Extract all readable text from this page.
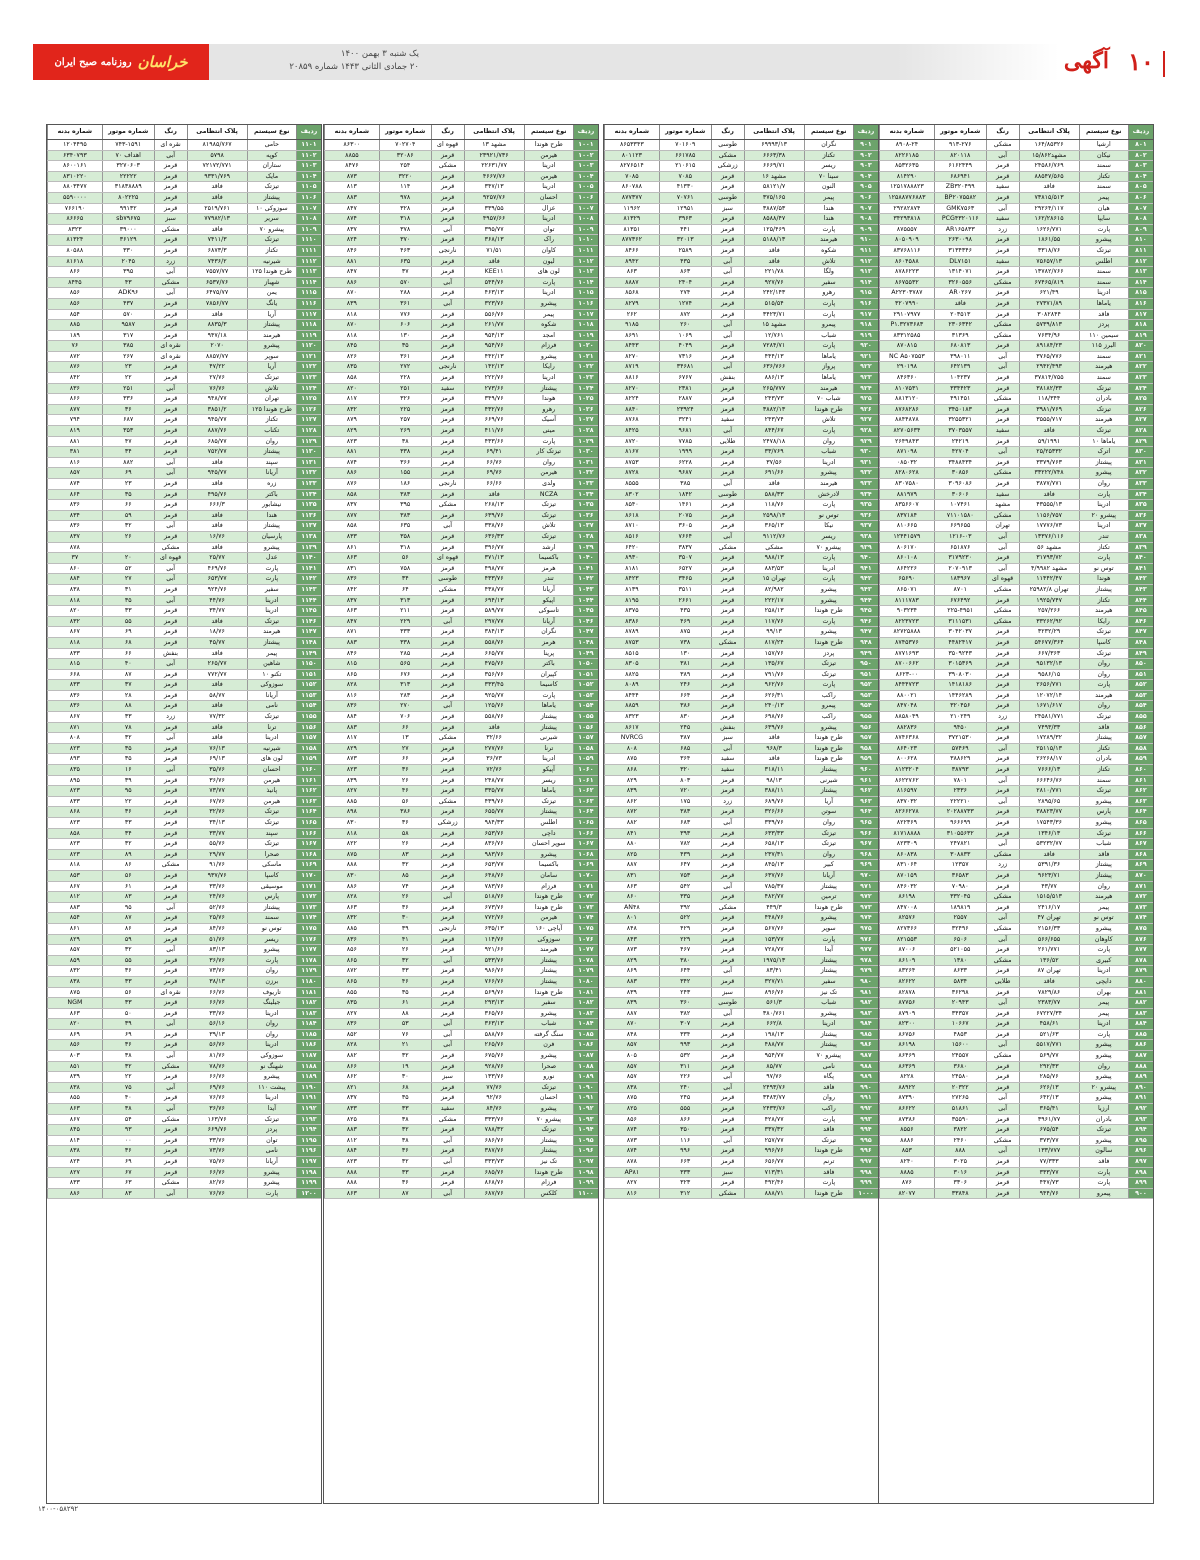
روزنامه صبح ایران خراسان	یک شنبه ۳ بهمن ۱۴۰۰
۲۰ جمادی الثانی ۱۴۴۳ شماره ۲۰۸۵۹	آگهی ۱۰
ردیف	نوع سیستم	پلاک انتظامی	رنگ	شماره موتور	شماره بدنه
۸۰۱	ارشیا	۱۶۴/۸۵۳۲۶	مشکی	۹۱۳-۲۷۶	۸۹۰۸-۲۴
۸۰۲	نیکان	مشهد۱۵/۸۶۲	آبی	۸۲۰۱۱۸	۸۲۲۶۱۸۵
۸۰۳	سمند	۲۴۵۸۶/۷۶۹	قرمز	۶۱۶۲۴۴۹	۸۵۳۲۶۳۵
۸۰۴	تکتاز	۸۸۵۴۷/۵۶۵	قرمز	۶۸۶۹۴۱	۸۱۴۲۹۰
۸۰۵	سمند	فاقد	سفید	ZB۳۲۰۴۹۹	۱۲۵۱۷۸۸۸۲۳
۸۰۶	پیمر	۷۳۸۱۵/۵۱۳	قرمز	BP۲۰۷۵۵۸۲	۱۲۵۸۸۷۷۶۸۸۳
۸۰۷	هیان	۲۹۲۶۴/۱۱۷	آبی	GMK۷۵۶۳	۲۹۲۸۲۸۷۴
۸۰۸	سایپا	۱۶۲/۲۸۶۱۵	سفید	PCG۴۳۲۰۱۱۶	۳۴۲۹۳۸۱۸
۸۰۹	پارت	۱۶۲۶/۷۷۱	زرد	AR۱۶۵۸۳۳	۸۷۵۵۵۷
۸۱۰	پیشرو	۱۸۶۱/۵۵	قرمز	۲۶۳۰۰۹۸	۸۰۵۰۹۰۹
۸۱۱	تیزتک	۳۳۱۸/۷۶	قرمز	۳۱۳۴۳۴۶	۸۳۷۶۸۱۱۶
۸۱۲	اطلس	۷۵۶۵۷/۱۳	سفید	DL۷۱۵۱	۸۶۰۴۵۸۸
۸۱۳	سمند	۱۳۷۸۲/۷۶۶	قرمز	۱۳۱۴۰۷۱	۸۷۸۶۲۲۳
۸۱۴	سمند	۶۷۴۶۵/۸۱۹	مشکی	۳۲۶۰۵۵۶	۸۶۷۵۵۳۲
۸۱۵	ادرینا	۶۲۱/۴۹	قرمز	AR۰۲۶۷	A۲۲۳۰۳۷۸۷
۸۱۶	یاماها	۲۷۳۷۱/۸۹	قرمز	فاقد	۳۲۰۷۹۹۰
۸۱۷	فاقد	۳۰۸۲۸۴۴	قرمز	۲۰۳۵۱۳	۲۹۱۰۷۹۷۷
۸۱۸	پردز	۵۷۳۹/۸۱۳	مشکی	۲۳۰۶۳۴۲	P۱.۳۲۷۳۶۸۳
۸۱۹	سیمین ۱۱۰	۷۶۳۴/۹۶	مشکی	۳۱۳۶۹	۸۳۳۱۲۵۸۵
۸۲۰	البرز ۱۱۵	۸۹۱۸۴/۲۳	قرمز	۶۸۰۸۱۳	۸۷۰۸۱۵
۸۲۱	سمند	۳۷۶۵/۷۷۶	آبی	۳۹۸۰۱۱	NC A۵۰۷۵۵۳
۸۲۲	هیرمند	۲۹۴۲/۴۹۳	آبی	۶۴۲۱۳۹	۲۹۰۱۹۸
۸۲۳	سمند	۳۷۸۱۴/۷۵۵	قرمز	۱۰۴۲۳۷	۸۴۶۳۶۰
۸۲۴	تیزتک	۳۸۱۸۲/۳۳	قرمز	۳۳۴۴۲۳	۸۱۰۷۵۳۱
۸۲۵	بادران	۱۱۸/۳۴۴	مشکی	۴۹۱۴۵۱	۸۸۱۳۱۲۰
۸۲۶	تیزتک	۳۹۸۱/۷۶۹	قرمز	۳۴۵۰۱۸۳	۸۷۶۸۲۸۶
۸۲۷	هیرمند	۳۵۵۵/۷۱۷	قرمز	۳۲۵۵۳۲۱	۸۸۴۴۸۷۸
۸۲۸	تیزتک	فاقد	سفید	۳۷۰۳۵۵۷	۸۲۷۰۵۶۳۴
۸۲۹	یاماها ۱۰	۵۹/۱۹۹۱	قرمز	۲۴۲۱۹	۲۶۴۹۸۴۳
۸۳۰	اترک	۲۵/۲۵۳۳۲	آبی	۴۲۷۰۴	۸۷۱۰۹۸
۸۳۱	پیشتاز	۳۳۷۹/۷۶۳	قرمز	۳۴۸۸۴۳۴	۰۸۵۰۳۲
۸۳۲	پیشرو	۳۳۲۲۲/۷۴۸	مشکی	۳۰۸۵۶	۸۲۸۰۶۲۸
۸۳۳	روان	۳۸۷۷/۷۷۱	قرمز	۳۰۹۶۰۸۶	۸۳۰۷۵۸۰
۸۳۴	پارت	فاقد	سفید	۳۰۶۰۶	۸۸۱۹۷۹
۸۳۵	ادرینا	۴۳۵۵۵/۱۳	مشهد	۱۰۷۴۶۱	۸۳۵۶۶۰۷
۸۳۶	پیشرو ۲۰	۱۱۵۶/۷۵۷	مشکی	۷۱۱۰۱۵۸۰	۸۳۷۱۸۴
۸۳۷	ادرینا	۱۷۷۷۶/۷۳	تهران	۶۶۹۶۵۵	۸۱۰۶۶۵
۸۳۸	تندر	۱۳۳۷۶/۱۱۶	آبی	۱۲۱۶-۰۳	۱۲۴۴۱۵۷۹
۸۳۹	تکتاز	مشهد ۵۶	آبی	۶۵۱۸۷۶	۸۰۶۱۷۰
۸۴۰	پارت	۳۱۷۹۳/۷۲	قرمز	۳۱۷۹۲۳۰	۸۶۰۱۰۸
۸۴۱	توس نو	مشهد ۴/۹۹۸۲	آبی	۲۰۷۰۹۱۳	۸۶۴۲۲۶
۸۴۲	هوندا	۱۱۴۴۲/۴۷	قهوه ای	۱۸۳۹۶۷	۶۵۶۹۰
۸۴۳	پیشتاز	تهران ۲۵۹۸۲/۸	مشکی	۸۷۰۱	۸۶۵۰۷۱
۸۴۴	تکتاز	۱۹۲۵/۷۴۷	قرمز	۶۷۶۴۹۲	۸۱۱۱۷۸۳
۸۴۵	هیرمند	۲۵۷/۲۶۶	مشکی	۲۲۵-۴۹۵۱	۹۰۳۲۳۴
۸۴۶	رایکا	۳۳۲۶۲/۹۲	مشکی	۳۱۱۱۵۳۱	۸۲۲۳۷۲۳
۸۴۷	تیزتک	۳۲۳۲/۲۹	قرمز	۳۰۴۲۰۳۷	۸۲۷۲۵۸۸۸
۸۴۸	کاسپا	۵۴۶۷۷/۳۶۴	قرمز	۴۴۸۲۴۱۷	۸۷۴۵۳۷۶
۸۴۹	تیزتک	۶۶۷/۳۶۳	قرمز	۳۵۰۹۲۴۳	۸۷۷۱۶۹۳
۸۵۰	روان	۹۵۱۳۲/۱۳	قرمز	۳۰۱۵۳۶۹	۸۷۰۰۶۶۲
۸۵۱	روان	۹۵۸۶/۱۵	قرمز	۳۹۰۸۰۳۰	۸۶۲۳-۰۰
۸۵۲	پارت	۲۶۵۶/۷۷۱	قرمز	۱۴۱۸۱۸۶	۸۴۴۴۷۲۳
۸۵۳	هیرمند	۱۲۰۷۲/۱۴	قرمز	۱۴۴۶۲۸۹	۸۸۰۰۲۱
۸۵۴	روان	۱۶۷۱/۶۱۷	قرمز	۳۲۰۴۵۶	۸۴۷۰۴۸
۸۵۵	تیزتک	۲۴۵۸۱/۷۷۱	زرد	۲۱۰۲۴۹	۸۸۵۸۰۴۹
۸۵۶	فاقد	۷۴۹۳/۳۳	قرمز	۹۴۵۰	۸۸۲۸۳۶
۸۵۷	پیشتاز	۱۷۲۸۹/۳۲	قرمز	۳۷۲۱۵۳۰	۸۷۴۶۳۶۸
۸۵۸	تکتاز	۲۵۱۱۵/۱۳	آبی	۵۷۴۶۹	۸۶۴۰۲۳
۸۵۹	بادران	۲۶۲۶۸/۱۷	قرمز	۳۸۸۶۲۹	۸۰۰۶۲۸
۸۶۰	تکتاز	۷۶۶۶/۱۳	قرمز	۳۸۷۹۳	۸۱۲۳۲۰۴
۸۶۱	سمند	۶۶۶۴۶/۷۶	آبی	۷۸۰۱	۸۶۲۲۷۶۲
۸۶۲	تیزتک	۲۸۱۰/۷۷۱	قرمز	۲۳۳۶	۸۱۶۵۹۷
۸۶۳	پیشرو	۲۸۹۵/۶۵	آبی	۲۲۲۲۱۰	۸۳۷۰۳۲
۸۶۴	پارس	۳۸۸۲۳/۷۷	قرمز	۲۰۲۸۸۷۳۳	۸۲۶۶۲۷۸
۸۶۵	پیشرو	۱۷۵۴۳/۳۶	قرمز	۹۶۶۶۹۹	۸۲۲۳۶۹
۸۶۶	تیزتک	۱۳۴۶/۱۳	قرمز	۳۱۰۵۵۶۳۲	۸۱۷۱۸۸۸۸
۸۶۷	شباب	۵۳۲۳۲/۷۷	آبی	۲۴۷۸۲۱	۸۲۳۳۰۹
۸۶۸	فاقد	فاقد	مشکی	۳۰۸۸۳۳	۸۶۰۸۳۸
۸۶۹	پیشتاز	۵۳۹۱/۳۶	زرد	۱۲۳۵۷	۸۳۱۰۶۴
۸۷۰	پیشتاز	۹۶۲۳/۷۱	قرمز	۳۶۵۸۳	۸۷۰۱۵۹
۸۷۱	روان	۴۳/۷۷	قرمز	۷۰۹۸۰	۸۴۶۰۳۲
۸۷۲	هیرمند	۱۵۱۵/۵۱۳	مشکی	۳۳۲۰۴۵	۸۶۱۹۸
۸۷۳	پیمر	۲۴۱۶/۱۷	قرمز	۱۸۹۸۱۹	۸۴۷۰۰۸
۸۷۴	توس نو	تهران ۴۷	آبی	۲۵۵۷	۸۲۵۷۶
۸۷۵	پیشرو	۲۱۵۶/۳۳	مشکی	۳۲۴۹۶	۸۲۷۳۶۶
۸۷۶	کاوهان	۵۶۶/۶۵۵	آبی	۶۵۰۶	۸۲۱۵۵۳
۸۷۷	پارت	۲۶۱/۷۷۱	قرمز	۵۲۱۰۵۵	۸۷۰۰۶
۸۷۸	کبیری	۱۳۶/۵۲	مشکی	۱۳۸۰	۸۶۱۰۹
۸۷۹	ادرینا	تهران ۸۷	قرمز	۸۶۳۳	۸۳۲۶۴
۸۸۰	دایچی	فاقد	طلایی	۵۸۳۴	۸۲۶۲۲
۸۸۱	بهران	۷۸۲۹/۸۶	قرمز	۳۶۲۹۸	۸۲۸۷۸
۸۸۲	پیمر	۲۳۸۳/۷۷	آبی	۲۰۹۴۳	۸۷۷۵۶
۸۸۳	پیمر	۶۷۲۲۷/۳۴	قرمز	۳۴۳۵۷	۸۷۹۰۹
۸۸۴	ادرینا	۴۵۸/۶۱	قرمز	۱۰۶۶۷	۸۲۳۰۰
۸۸۵	پارت	۵۲۱/۶۳	قرمز	۴۸۵۳	۸۶۷۵۶
۸۸۶	پیشرو	۵۵۱۷/۷۷۱	آبی	۱۵۶۰۰	۸۶۱۹۸
۸۸۷	پیشرو	۵۶۹/۷۷	مشکی	۲۴۵۵۷	۸۶۴۶۹
۸۸۸	روان	۲۹۲/۳۳	قرمز	۳۶۸۰	۸۶۳۶۹
۸۸۹	پیشرو	۲۸۵/۷۶	قرمز	۲۴۵۸۰	۸۲۲۸
۸۹۰	پیشرو ۲۰	۶۲۶/۱۳	قرمز	۲۰۳۲۲	۸۸۹۲۲
۸۹۱	پیشرو	۶۴۲/۱۳	آبی	۲۷۲۶۵	۸۷۳۹۰
۸۹۲	ارزیا	۳۶۵/۴۱	آبی	۵۱۸۶۱	۸۶۶۲۲
۸۹۳	بادران	۳۹۶۱/۷۷	قرمز	۳۵۵۹۰	۸۷۳۸۶
۸۹۴	تیزتک	۶۷۵/۵۴	قرمز	۳۸۲۲	۸۵۵۶
۸۹۵	پیشرو	۳۷۳/۷۷	مشکی	۲۴۶۰	۸۸۸۶
۸۹۶	سالون	۱۳۳/۷۷۷	آبی	۸۸۸	۸۵۳
۸۹۷	فاقد	۷۷/۳۳۳	قرمز	۳۰۲۵	۸۲۴۰
۸۹۸	پارت	۳۳۳/۷۷	قرمز	۳۰۱۶	۸۸۸۵
۸۹۹	پارت	۴۴۷/۷۳	قرمز	۳۳۰۶	۸۷۶
۹۰۰	پیمرو	۹۴۴/۷۶	قرمز	۳۳۸۴۸	۸۲۰۷۷
ردیف	نوع سیستم	پلاک انتظامی	رنگ	شماره موتور	شماره بدنه
۹۰۱	نگران	۶۹۹۹۳/۱۳	طوسی	۷۰۱۶۰۹	۸۶۵۳۳۴۳
۹۰۲	تکتاز	۶۶۶۳/۳۸	مشکی	۶۶۱۷۸۵	۸۰۱۱۲۳
۹۰۳	ریسر	۶۶۶۹/۷۱	زرشکی	۲۱۰۶۱۵	۸۲۷۶۵۱۴
۹۰۴	سینا ۷۰	مشهد ۱۶	قرمز	۷۰۸۵	۷۰۸۵
۹۰۵	النون	۵۸۱۲۱/۷	قرمز	۴۱۳۳۰	۸۶۰۷۸۸
۹۰۶	پیمر	۳۷۵/۱۶۵	طوسی	۷۰۷۶۱	۸۷۷۳۷۷
۹۰۷	هندا	۳۸۸۷/۵۳	سبز	۱۲۹۵۱	۱۱۹۶۲
۹۰۸	هندا	۸۵۸۸/۴۷	قرمز	۳۹۶۳	۸۱۳۲۹
۹۰۹	پارت	۱۲۵/۴۶۹	قرمز	۴۴۱	۸۱۳۵۱
۹۱۰	هیرمند	۵۱۸۸/۱۳	قرمز	۳۲۰۱۳	۸۷۷۳۶۲
۹۱۱	شکوه	فاقد	قرمز	۲۵۸۹	۸۴۶۶
۹۱۲	تلاش	فاقد	آبی	۴۳۵	۸۹۴۲
۹۱۳	ولگا	۲۲۱/۷۸	آبی	۸۶۳	۸۶۳
۹۱۴	سفیر	۹۲۷/۷۶	قرمز	۲۴۰۴	۸۸۸۷
۹۱۵	رهرو	۲۴۲/۱۴۳	قرمز	۲۷۴	۸۵۶۸
۹۱۶	پارت	۵۱۵/۵۴	قرمز	۱۲۷۴	۸۲۷۹
۹۱۷	پارت	۳۴۲۳/۷۱	قرمز	۸۷۲	۲۶۲
۹۱۸	پیمرو	مشهد ۱۵	آبی	۲۶۰	۹۱۸۵
۹۱۹	شباب	۱۲/۷۶۱	آبی	۱۰۶۹	۸۶۹۱
۹۲۰	پارت	۷۲۸۴/۷۱	قرمز	۴۰۴۹	۸۴۴۳
۹۲۱	یاماها	۴۴۴/۱۳	قرمز	۷۳۱۶	۸۲۷۰
۹۲۲	پرواز	۶۳۶/۷۶۶	آبی	۳۴۶۸۱	۸۷۱۹
۹۲۳	یاماها	۸۸۶/۱۳	بنفش	۶۷۶۷	۸۸۱۶
۹۲۴	هیرمند	۲۶۵/۷۷۷	قرمز	۲۳۸۱	۸۲۷۰
۹۲۵	شباب ۷۰	۲۴۳/۷۳	قرمز	۲۸۸۷	۸۲۲۴
۹۲۶	طرح هوندا	۳۸۸۲/۱۳	قرمز	۲۳۹۲۴	۸۸۴۰
۹۲۷	تلاش	۲۴۳/۷۴	سفید	۳۲۴۱	۸۷۶۸
۹۲۸	پارت	۸۴۴/۶۷	آبی	۹۶۸۱	۸۴۲۵
۹۲۹	روان	۲۴۷۸/۱۸	طلایی	۷۷۸۵	۸۷۲۰
۹۳۰	شباب	۳۳/۷۶۹	قرمز	۱۹۹۹	۸۱۶۷
۹۳۱	ادرینا	۳۷/۵۶	قرمز	۶۲۲۸	۸۷۵۳
۹۳۲	پیشرو	۶۹۱/۶۶	قرمز	۹۶۸۷	۸۷۲۸
۹۳۳	هیرمند	فاقد	آبی	۳۸۵	۸۵۵۵
۹۳۴	لادرخش	۵۸۸/۳۳	طوسی	۱۸۴۲	۸۳۰۲
۹۳۵	پارت	۱۱۸/۷۶	قرمز	۱۴۶۱	۸۵۴۰
۹۳۶	توس نو	۲۵۹۸/۱۳	قرمز	۲۰۷۵	۸۶۱۸
۹۳۷	نیکا	۳۶۵/۱۳	قرمز	۳۶۰۵	۸۷۱۰
۹۳۸	ریسر	۹۱۱۲/۷۶	آبی	۷۶۶۴	۸۵۱۶
۹۳۹	پیشرو ۷۰	مشکی	مشکی	۳۸۳۷	۶۴۲۰
۹۴۰	پارت	۹۸۸/۱۳	قرمز	۳۵۰۷	۸۹۳۰
۹۴۱	ادرینا	۸۸۳/۵۳	قرمز	۶۵۲۷	۸۱۸۱
۹۴۲	پارت	تهران ۱۵	قرمز	۳۴۶۵	۸۴۲۳
۹۴۳	پیشرو	۸۲/۹۸۲	قرمز	۳۵۱۱	۸۱۳۹
۹۴۴	پیشرو	۲۲۲/۱۷	قرمز	۲۶۶۱	۸۱۹۵
۹۴۵	طرح هوندا	۲۵۸/۱۳	قرمز	۴۳۵	۸۳۷۵
۹۴۶	پارت	۱۱۷/۷۶	قرمز	۴۶۹	۸۳۸۶
۹۴۷	پیشرو	۹۹/۱۳	قرمز	۸۷۵	۸۷۸۹
۹۴۸	طرح هوندا	۸۱۷/۲۴	مشکی	۷۳۸	۸۷۵۳
۹۴۹	پردز	۱۵۷/۷۶	قرمز	۱۳۰	۸۵۱۵
۹۵۰	تیزتک	۱۳۵/۶۷	قرمز	۳۸۱	۸۳۰۵
۹۵۱	تیزتک	۷۹۱/۷۶	قرمز	۳۸۹	۸۸۲۵
۹۵۲	پارت	۹۶۲/۷۶	قرمز	۲۴۶	۸۰۸۹
۹۵۳	راکب	۶۲۶/۳۱	قرمز	۶۶۴	۸۴۴۴
۹۵۴	پیمرو	۲۴۰/۱۳	قرمز	۳۸۶	۸۸۵۹
۹۵۵	راکب	۶۹۸/۷۶	قرمز	۸۳۰	۸۳۲۳
۹۵۶	پیشرو	۶۳۹/۷۶	بنفش	۲۴۵	۸۶۱۷
۹۵۷	طرح هوندا	فاقد	سبز	۳۸۷	NVRCG
۹۵۸	طرح هوندا	۹۶۸/۳	آبی	۶۸۵	۸۰۸
۹۵۹	طرح هوندا	فاقد	سفید	۳۶۴	۸۷۵
۹۶۰	پیشتاز	۳۱۸/۱۱	سفید	۳۲۰	۸۶۸
۹۶۱	شیرنی	۹۸/۱۳	قرمز	۸۰۳	۸۲۹
۹۶۲	پیشتاز	۳۸۸/۱۱	قرمز	۷۲۰	۸۳۹
۹۶۳	آریا	۶۸۹/۷۶	زرد	۱۷۵	۸۶۲
۹۶۴	سوتن	۳۲۶/۶۶	قرمز	۳۸۳	۸۷۲
۹۶۵	روان	۳۳۹/۷۶	آبی	۶۸۳	۸۸۲
۹۶۶	تیزتک	۶۳۳/۳۳	قرمز	۳۹۳	۸۴۱
۹۶۷	تیزتک	۶۵۸/۱۳	قرمز	۷۸۲	۸۸۰
۹۶۸	روان	۲۳۷/۳۱	قرمز	۴۳۹	۸۲۵
۹۶۹	کبیر	۸۴۵/۱۳	قرمز	۶۴۷	۸۸۷
۹۷۰	آریانا	۶۳۷/۷۶	قرمز	۷۵۳	۸۳۱
۹۷۱	پیشتاز	۷۸۵/۳۷	آبی	۵۴۲	۸۶۳
۹۷۲	ترمین	۴۸۲/۷۷	قرمز	۳۳۵	۸۶۰
۹۷۳	طرح هوندا	۴۴۹/۳	مشکی	۳۹۲	AN۴۸
۹۷۴	پیشرو	۴۴۸/۷۶	قرمز	۵۲۲	۸۰۱
۹۷۵	سوپر	۵۶۷/۷۶	قرمز	۴۲۹	۸۴۸
۹۷۶	پارت	۱۵۳/۷۷	قرمز	۲۲۹	۸۴۳
۹۷۷	آیدا	۷۲۸/۷۷	قرمز	۴۶۷	۸۷۳
۹۷۸	پیشتاز	۱۹۷۵/۱۳	قرمز	۳۸۰	۸۲۹
۹۷۹	پیشتاز	۸۳/۴۱	آبی	۶۴۴	۸۶۹
۹۸۰	سفیر	۳۲۷/۷۱	قرمز	۳۴۲	۸۸۳
۹۸۱	تک نیز	۸۹۶/۷۶	سبز	۲۴۳	۸۳۹
۹۸۲	شباب	۵۶۱/۳	طوسی	۳۶۰	۸۳۹
۹۸۳	پیشرو	۳۸۰/۷۶۱	آبی	۳۸۲	۸۸۷
۹۸۴	ادرینا	۶۶۲/۸	قرمز	۳۰۷	۸۷۰
۹۸۵	پیشتاز	۱۹۸/۱۳	قرمز	۳۳۴	۸۴۸
۹۸۶	پیشتاز	۴۸۸/۷۷	قرمز	۹۹۳	۸۵۷
۹۸۷	پیشرو ۷۰	۹۵۴/۷۷	قرمز	۵۳۲	۸۰۵
۹۸۸	نامی	۸۵/۷۷	قرمز	۳۱۱	۸۵۷
۹۸۹	پگاه	۹۷/۷۶	آبی	۲۲۶	۸۵۷
۹۹۰	فاقد	۲۴۹۳/۷۶	آبی	۲۴۰	۸۳۸
۹۹۱	روان	۳۴۸۳/۷۷	قرمز	۲۴۵	۸۷۵
۹۹۲	راکب	۲۴۳۳/۷۶	قرمز	۵۵۵	۸۲۵
۹۹۳	پارت	۴۲۸/۷۷	قرمز	۸۶۶	۸۵۶
۹۹۴	فاقد	۳۳۷/۳۲	قرمز	۳۵۰	۸۷۴
۹۹۵	تیزتک	۲۵۷/۷۷	آبی	۱۱۶	۸۷۳
۹۹۶	طرح هوندا	۹۹۶/۷۶	قرمز	۹۹۶	۸۷۴
۹۹۷	ترنم	۶۵۶/۷۷	قرمز	۶۶۳	۸۷۸
۹۹۸	فاقد	۷۱۳/۳۱	سبز	۳۳۳	AP۸۱
۹۹۹	پارت	۴۹۲/۴۶	قرمز	۳۲۳	۸۲۷
۱۰۰۰	طرح هوندا	۸۸۸/۷۱	مشکی	۳۱۲	۸۱۶
ردیف	نوع سیستم	پلاک انتظامی	رنگ	شماره موتور	شماره بدنه
۱۰۰۱	طرح هوندا	مشهد ۱۳	قهوه ای	۷۰۲۷۰۴	۸۶۳۰۰
۱۰۰۲	هیرمن	۲۳۹۲۱/۷۳۶	قرمز	۳۲۰۸۶	۸۸۵۵
۱۰۰۳	ادرینا	۲۲۶۳۱/۷۷	مشکی	۲۵۴	۸۴۷۶
۱۰۰۴	هیرمن	۴۶۶۷/۷۶	قرمز	۳۲۲۰	۸۷۳
۱۰۰۵	ادرینا	۳۴۷/۱۳	قرمز	۱۱۴	۸۱۳
۱۰۰۶	احسان	۹۲۵۷/۷۶	قرمز	۹۷۸	۸۸۳
۱۰۰۷	عزال	۳۳۹/۵۵	قرمز	۳۲۸	۸۴۷
۱۰۰۸	ادرینا	۴۹۵۷/۶۶	قرمز	۳۱۸	۸۷۴
۱۰۰۹	توان	۳۹۵/۷۷	آبی	۳۷۸	۸۳۷
۱۰۱۰	راک	۳۶۸/۱۳	قرمز	۳۷۰	۸۲۴
۱۰۱۱	کاوان	۷۱/۵۱	نارنجی	۴۶۳	۸۴۶
۱۰۱۲	لیون	فاقد	قرمز	۶۳۵	۸۸۱
۱۰۱۳	لون های	KEE۱۱	قرمز	۳۷	۸۴۷
۱۰۱۴	پارت	۵۴۴/۷۶	آبی	۵۷۰	۸۸۶
۱۰۱۵	ادرینا	۴۶۳/۱۳	قرمز	۲۸۸	۸۷۰
۱۰۱۶	پیشرو	۳۲۳/۷۶	آبی	۳۶۱	۸۳۹
۱۰۱۷	پیمر	۵۵۶/۷۶	قرمز	۷۷۶	۸۱۸
۱۰۱۸	شکوه	۲۶۱/۷۷	قرمز	۶۰۶	۸۷۰
۱۰۱۹	امجد	۹۵۴/۱۳	قرمز	۱۳۰	۸۱۸
۱۰۲۰	فرزام	۹۵۴/۷۶	قرمز	۳۵	۸۴۵
۱۰۲۱	پیشرو	۴۴۲/۱۳	قرمز	۳۶۱	۸۲۶
۱۰۲۲	رایکا	۱۴۲/۱۳	نارنجی	۲۷۲	۸۳۵
۱۰۲۳	ادرینا	۲۲۲/۷۶	قرمز	۲۲۸	۸۵۸
۱۰۲۴	پیشتاز	۲۷۳/۶۶	سفید	۲۵۱	۸۲۰
۱۰۲۵	هوندا	۳۴۹/۷۶	قرمز	۳۲۶	۸۱۷
۱۰۲۶	رهرو	۴۳۲/۷۶	قرمز	۲۲۵	۸۳۲
۱۰۲۷	آسیک	۶۶۹/۷۶	قرمز	۲۵۷	۸۷۹
۱۰۲۸	مینی	۴۱۱/۷۶	قرمز	۲۶۹	۸۲۹
۱۰۲۹	پارت	۴۳۳/۶۶	قرمز	۳۸	۸۲۳
۱۰۳۰	تیزتک کار	۶۹/۴۱	قرمز	۳۳۸	۸۸۱
۱۰۳۱	روان	۶۶/۷۶	قرمز	۳۶۶	۸۷۴
۱۰۳۲	هیرمن	۶۹/۷۶	قرمز	۱۵۵	۸۸۶
۱۰۳۳	ولدی	۶۶/۶۶	نارنجی	۱۸۶	۸۷۶
۱۰۳۴	NCZA	فاقد	قرمز	۳۸۳	۸۵۸
۱۰۳۵	تیزتک	۲۶۸/۱۳	مشکی	۳۹۵	۸۳۷
۱۰۳۶	تیزتک	۶۳۹/۷۶	قرمز	۳۸۳	۸۷۷
۱۰۳۷	تلاش	۳۳۸/۷۶	آبی	۶۳۵	۸۵۸
۱۰۳۸	تیزتک	۶۳۶/۳۳	قرمز	۳۵۸	۸۳۳
۱۰۳۹	ارشد	۳۹۶/۷۷	قرمز	۳۱۸	۸۶۱
۱۰۴۰	باکسیما	۳۷۱/۱۳	قهوه ای	۵۶	۸۶۳
۱۰۴۱	هرمز	۴۹۸/۷۷	قرمز	۷۵۸	۸۳۱
۱۰۴۲	تندر	۴۳۳/۷۶	طوسی	۳۴	۸۳۶
۱۰۴۳	آریانا	۴۳۸/۷۷	مشکی	۶۴	۸۴۲
۱۰۴۴	اپیکو	۶۹۴/۱۳	قرمز	۳۱۳	۸۳۷
۱۰۴۵	تاسوکی	۵۸۹/۷۷	قرمز	۲۱۱	۸۶۳
۱۰۴۶	آریانا	۲۹۷/۷۷	آبی	۲۲۹	۸۴۷
۱۰۴۷	نگران	۳۸۴/۱۳	قرمز	۳۳۳	۸۷۱
۱۰۴۸	هرمز	۵۵۸/۷۶	قرمز	۳۳۸	۸۸۳
۱۰۴۹	پرینا	۶۶۵/۷۷	قرمز	۲۸۵	۸۴۶
۱۰۵۰	باکتر	۴۷۵/۷۶	قرمز	۵۶۵	۸۱۵
۱۰۵۱	کپیران	۳۵۶/۷۶	قرمز	۶۷۶	۸۶۵
۱۰۵۲	کاسیما	۳۳۳/۴۵	قرمز	۳۱۳	۸۲۸
۱۰۵۳	پارت	۹۲۵/۷۷	قرمز	۲۸۳	۸۱۶
۱۰۵۴	یاماها	۱۲۵/۷۶	آبی	۲۷۰	۸۳۶
۱۰۵۵	پیشتاز	۵۵۸/۷۶	قرمز	۷۰۶	۸۸۴
۱۰۵۶	پیشتاز	فاقد	قرمز	۶۶	۸۸۳
۱۰۵۷	شیرنی	۳۲/۶۶	مشکی	۱۳	۸۱۷
۱۰۵۸	ترنا	۲۷۷/۷۶	قرمز	۲۷	۸۲۹
۱۰۵۹	ادرینا	۳۶/۷۳	قرمز	۶۶	۸۷۳
۱۰۶۰	آپیکو	۷۲/۷۶	قرمز	۳۶	۸۲۳
۱۰۶۱	ریسر	۲۴۸/۷۷	قرمز	۲۶	۸۳۹
۱۰۶۲	یاماها	۳۳۵/۷۷	قرمز	۴۶	۸۲۷
۱۰۶۳	تیزتک	۴۳۹/۷۶	مشکی	۵۶	۸۸۵
۱۰۶۴	پیشتاز	۶۵۵/۷۷	قرمز	۳۸۶	۸۹۸
۱۰۶۵	اطلس	۹۸۴/۳۳	زرشکی	۳۶	۸۳۰
۱۰۶۶	داچی	۶۵۳/۷۶	قرمز	۵۸	۸۱۸
۱۰۶۷	سوپر احسان	۸۳۶/۷۶	قرمز	۲۶	۸۲۲
۱۰۶۸	پیشرو	۹۸۳/۷۶	قرمز	۸۳	۸۷۵
۱۰۶۹	باکسیما	۶۵۳/۷۷	قرمز	۳۲	۸۸۸
۱۰۷۰	سامان	۶۴۸/۷۶	قرمز	۸۵	۸۳۰
۱۰۷۱	فرزام	۷۸۳/۷۶	قرمز	۷۴	۸۸۶
۱۰۷۲	طرح هوندا	۵۱۸/۷۶	آبی	۲۶	۸۲۸
۱۰۷۳	طرح هوندا	۶۷۳/۷۶	قرمز	۳۶	۸۶۳
۱۰۷۴	هیرمن	۷۷۲/۷۶	قرمز	۳۰	۸۳۲
۱۰۷۵	آپاچی ۱۶۰	۶۳۵/۱۳	نارنجی	۳۹	۸۸۵
۱۰۷۶	سوزوکی	۱۱۴/۷۶	قرمز	۴۱	۸۳۶
۱۰۷۷	هیرمند	۹۲۱/۶۶	قرمز	۲۶	۸۵۶
۱۰۷۸	پیشتاز	۵۳۳/۷۶	آبی	۳۲	۸۶۵
۱۰۷۹	پیشتاز	۹۸۶/۷۶	قرمز	۳۳	۸۷۲
۱۰۸۰	پیشتاز	۷۶۶/۷۶	قرمز	۴۶	۸۶۵
۱۰۸۱	طرح هوندا	۵۶۹/۷۶	قرمز	۳۵	۸۵۵
۱۰۸۲	سفیر	۲۹۳/۱۳	قرمز	۶۱	۸۳۵
۱۰۸۳	پیشرو	۳۶۵/۷۶	قرمز	۸۸	۸۲۷
۱۰۸۴	شباب	۳۶۳/۱۳	آبی	۵۳	۸۳۶
۱۰۸۵	سنگ گرفته	۵۸۸/۷۶	آبی	۷۶	۸۵۲
۱۰۸۶	فرن	۲۶۵/۷۶	آبی	۲۱	۸۲۸
۱۰۸۷	پیشرو	۶۷۵/۷۶	قرمز	۳۲	۸۸۲
۱۰۸۸	صحرا	۹۲۸/۷۶	قرمز	۱۹	۸۶۶
۱۰۸۹	نورو	۱۳۳/۷۶	سبز	۳۰	۸۶۲
۱۰۹۰	تیزتک	۷۷/۷۶	قرمز	۶۸	۸۲۱
۱۰۹۱	احسان	۹۲/۷۶	قرمز	۳۵	۸۳۷
۱۰۹۲	پیشرو	۸۴/۷۶	سفید	۳۳	۸۳۳
۱۰۹۳	پیشرو ۷۰	۳۳۳/۷۶	مشکی	۳۸	۸۲۵
۱۰۹۴	تیزتک	۷۸۸/۳۲	قرمز	۳۲	۸۸۳
۱۰۹۵	پیشتاز	۶۸۶/۷۶	آبی	۳۸	۸۱۲
۱۰۹۶	پیشتاز	۳۸۷/۷۶	قرمز	۳۶	۸۸۴
۱۰۹۷	تک نیز	۳۳۳/۷۳	آبی	۳۲	۸۲۳
۱۰۹۸	طرح هوندا	۶۸۵/۷۶	قرمز	۳۳	۸۸۸
۱۰۹۹	فرزام	۸۶۸/۷۶	قرمز	۳۶	۸۸۸
۱۱۰۰	کلکس	۶۸۷/۷۶	آبی	۸۷	۸۶۳
ردیف	نوع سیستم	پلاک انتظامی	رنگ	شماره موتور	شماره بدنه
۱۱۰۱	حامی	۸۱۹۸۵/۷۶۷	نقره ای	۷۴۳-۱۵۹۱	۱۲۰۴۴۹۵
۱۱۰۲	کوپه	۵۷۹۸	آبی	اهداف ۷۰	۶۳۴۰۷۹۳
۱۱۰۳	ستاران	۷۲۱۷۲/۷۷۱	قرمز	۳۲۷۰۶۰۳	۸۶۰۰۱۶۱
۱۱۰۴	مایک	۹۳۳۱/۷۶۹	قرمز	۲۲۲۲۲	۸۳۱۰۲۲۰
۱۱۰۵	تیزتک	فاقد	قرمز	۳۱۸۳۸۸۸۹	۸۸۰۳۴۷۷
۱۱۰۶	پیشتاز	فاقد	قرمز	۸۰۲۲۲۵	۵۵۹۰۰۰۰
۱۱۰۷	سوزوکی ۱۰	۲۵۱۹/۷۶۱	قرمز	۹۹۱۳۲	۷۶۶۱۹۰
۱۱۰۸	سریر	۷۷۹۸۲/۱۳	سبز	sb۷۹۶۷۵	۸۶۶۶۵
۱۱۰۹	پیشرو ۷۰	فاقد	مشکی	۳۹۰۰۰	۸۳۲۳
۱۱۱۰	تیزتک	۷۴۱۱/۳	قرمز	۳۶۱۲۹	۸۱۳۲۴
۱۱۱۱	تکتاز	۶۸۷۳/۳	قرمز	۳۳۰	۸۰۵۸۸
۱۱۱۲	شیرنیه	۷۴۳۶/۲	زرد	۲۰۴۵	۸۱۶۱۸
۱۱۱۳	طرح هوندا ۱۲۵	۷۵۵۷/۷۷	آبی	۳۹۵	۸۶۶
۱۱۱۴	شهباز	۶۵۳۷/۷۶	مشکی	۴۳	۸۴۴۵
۱۱۱۵	یمن	۶۴۷۵/۷۷	آبی	ADK۹۶	۸۵۶
۱۱۱۶	یانگ	۷۸۵۶/۷۷	قرمز	۴۳۷	۸۵۶
۱۱۱۷	آریا	فاقد	قرمز	۵۷۰	۸۵۴
۱۱۱۸	پیشتاز	۸۸۳۵/۳	قرمز	۹۵۸۷	۸۸۵
۱۱۱۹	هیرمند	۹۴۷/۱۸	قرمز	۳۱۷	۱۸۹
۱۱۲۰	پیشرو	۲۰۷۰	نقره ای	۳۸۵	۷۶
۱۱۲۱	سوپر	۸۸۵۷/۷۷	نقره ای	۲۶۷	۸۷۲
۱۱۲۲	آریا	۴۷/۲۲	قرمز	۲۳	۸۷۶
۱۱۲۳	تیزتک	۲۷/۷۶	قرمز	۲۲	۸۴۲
۱۱۲۴	تلاش	۷۶/۷۶	آبی	۲۵۱	۸۳۶
۱۱۲۵	تهران	۹۴۸/۷۷	قرمز	۳۳۶	۸۶۶
۱۱۲۶	طرح هوندا ۱۲۵	۳۸۵۱/۲	قرمز	۳۶	۸۷۷
۱۱۲۷	تکتاز	۹۴۵/۷۷	قرمز	۶۸۷	۷۹۴
۱۱۲۸	تکناب	۸۸۷/۷۶	قرمز	۳۵۳	۸۱۹
۱۱۲۹	روان	۶۸۵/۷۷	قرمز	۴۷	۸۸۱
۱۱۳۰	پیشتاز	۷۵۲/۷۷	قرمز	۳۴	۳۸۱
۱۱۳۱	سپند	فاقد	آبی	۸۸۲	۸۱۶
۱۱۳۲	آریانا	۹۴۵/۷۷	آبی	۶۹	۸۵۷
۱۱۳۳	زره	فاقد	قرمز	۲۳	۸۷۴
۱۱۳۴	باکتر	۴۹۵/۷۶	قرمز	۳۵	۸۶۴
۱۱۳۵	نیشابور	۶۶۶/۳	قرمز	۶۶	۸۳۶
۱۱۳۶	هندا	فاقد	قرمز	۵۹	۸۳۴
۱۱۳۷	پیشتاز	فاقد	آبی	۳۲	۸۳۶
۱۱۳۸	پارسیان	۱۶/۷۶	قرمز	۲۶	۸۳۷
۱۱۳۹	پیشرو	فاقد	مشکی		۸۷۸
۱۱۴۰	عدل	۲۵/۷۷	قهوه ای	۲۰	۳۷
۱۱۴۱	پارت	۴۶۹/۷۶	آبی	۵۲	۸۶۰
۱۱۴۲	پارت	۶۵۳/۷۷	آبی	۲۷	۸۸۴
۱۱۴۳	سفیر	۹۲۴/۷۶	قرمز	۳۱	۸۳۸
۱۱۴۴	ادرینا	۴۴/۷۶	آبی	۳۵	۸۱۸
۱۱۴۵	ادرینا	۳۴/۷۷	قرمز	۳۳	۸۲۰
۱۱۴۶	تیزتک	فاقد	قرمز	۵۵	۸۳۲
۱۱۴۷	هیرمند	۱۸/۷۶	قرمز	۶۹	۸۶۷
۱۱۴۸	پیشتاز	۴۵/۷۷	قرمز	۶۸	۸۱۸
۱۱۴۹	پیمر	فاقد	بنفش	۶۶	۸۳۳
۱۱۵۰	شاهین	۲۶۵/۷۷	آبی	۴۰	۸۱۵
۱۱۵۱	تکنو ۱۰	۷۷۲/۷۷	قرمز	۸۷	۶۶۸
۱۱۵۲	سوزوکی	فاقد	قرمز	۳۷	۸۳۳
۱۱۵۳	آریانا	۵۸/۷۷	قرمز	۲۸	۸۳۶
۱۱۵۴	نامی	فاقد	قرمز	۸۸	۸۳۶
۱۱۵۵	تیزتک	۷۷/۳۲	زرد	۳۳	۸۶۷
۱۱۵۶	ترنا	فاقد	قرمز	۷۸	۸۷۱
۱۱۵۷	ادرینا	فاقد	آبی	۳۲	۸۰۸
۱۱۵۸	شیرنیه	۷۶/۱۳	قرمز	۳۵	۸۲۳
۱۱۵۹	لون های	۶۹/۱۳	قرمز	۳۵	۸۹۳
۱۱۶۰	احسان	۳۵/۷۶	آبی	۱۶	۸۳۵
۱۱۶۱	هیرمن	۳۶/۷۶	قرمز	۳۹	۸۹۵
۱۱۶۲	پانیذ	۷۳/۷۷	قرمز	۹۵	۸۲۳
۱۱۶۳	هیرمن	۶۷/۷۶	قرمز	۲۲	۸۳۳
۱۱۶۴	تیزتک	۳۲/۷۶	قرمز	۳۶	۸۶۸
۱۱۶۵	تیزتک	۳۴/۱۳	قرمز	۳۳	۸۲۳
۱۱۶۶	سپند	۳۳/۷۷	قرمز	۳۴	۸۵۸
۱۱۶۷	تیزتک	۵۵/۷۶	قرمز	۳۲	۸۲۳
۱۱۶۸	صحرا	۲۹/۷۷	قرمز	۸۹	۸۲۳
۱۱۶۹	ماسکی	۹۱/۷۶	مشکی	۸۶	۸۱۸
۱۱۷۰	کاسپا	۹۳۷/۷۶	قرمز	۵۶	۸۵۳
۱۱۷۱	موسیقی	۳۳/۷۶	قرمز	۶۱	۸۶۷
۱۱۷۲	پارس	۲۴/۷۶	قرمز	۸۳	۸۱۲
۱۱۷۳	پیشتاز	۵۲/۷۶	آبی	۹۵	۸۸۳
۱۱۷۴	سمند	۲۵/۷۶	قرمز	۸۷	۸۵۴
۱۱۷۵	توس نو	۸۴/۷۶	قرمز	۸۶	۸۶۱
۱۱۷۶	ریسر	۵۱/۷۶	قرمز	۵۹	۸۲۹
۱۱۷۷	پیشرو	۸۳/۱۳	آبی	۳۲	۸۵۷
۱۱۷۸	پارت	۳۶/۷۶	قرمز	۵۵	۸۵۹
۱۱۷۹	روان	۷۳/۷۶	قرمز	۳۶	۸۳۲
۱۱۸۰	برزن	۳۸/۱۳	قرمز	۳۳	۸۳۸
۱۱۸۱	تاریوف	۶۶/۷۶	نقره ای	۵۶	۸۷۵
۱۱۸۲	جیلینگ	۶۶/۷۶	قرمز	۳۳	NGM
۱۱۸۳	ادرینا	۳۳/۷۶	قرمز	۵۰	۸۶۳
۱۱۸۴	روان	۵۶/۱۶	آبی	۳۹	۸۲۰
۱۱۸۵	روان	۳۹/۱۳	قرمز	۶۹	۸۶۹
۱۱۸۶	ادرینا	۵۶/۷۶	قرمز	۳۶	۸۵۶
۱۱۸۷	سوزوکی	۸۱/۷۶	آبی	۳۸	۸۰۳
۱۱۸۸	شهنگ نو	۷۸/۷۶	مشکی	۳۲	۸۵۱
۱۱۸۹	پیشرو	۶۶/۷۶	قرمز	۲۲	۸۳۹
۱۱۹۰	پیشت ۱۱۰	۶۹/۷۶	آبی	۷۵	۸۳۸
۱۱۹۱	ادرینا	۷۶/۷۶	قرمز	۴۰	۸۵۵
۱۱۹۲	آیدا	۳۶/۷۶	آبی	۳۸	۸۶۳
۱۱۹۳	تیزتک	۱۶۳/۷۶	مشکی	۵۴	۸۶۷
۱۱۹۴	پردز	۶۶۹/۷۶	قرمز	۹۳	۸۴۵
۱۱۹۵	توان	۳۳/۷۶	قرمز	۰۰	۸۱۴
۱۱۹۶	نامی	۷۳/۷۶	قرمز	۳۶	۸۳۸
۱۱۹۷	آریانا	۷۵/۷۶	قرمز	۶۹	۸۲۴
۱۱۹۸	پیشرو	۶۶/۷۶	قرمز	۶۷	۸۲۷
۱۱۹۹	پیشرو	۸۲/۷۶	مشکی	۶۳	۸۳۳
۱۲۰۰	پارت	۷۶/۷۶	آبی	۸۳	۸۸۶
۱۴۰۰-۰۵۸۲۹۲
